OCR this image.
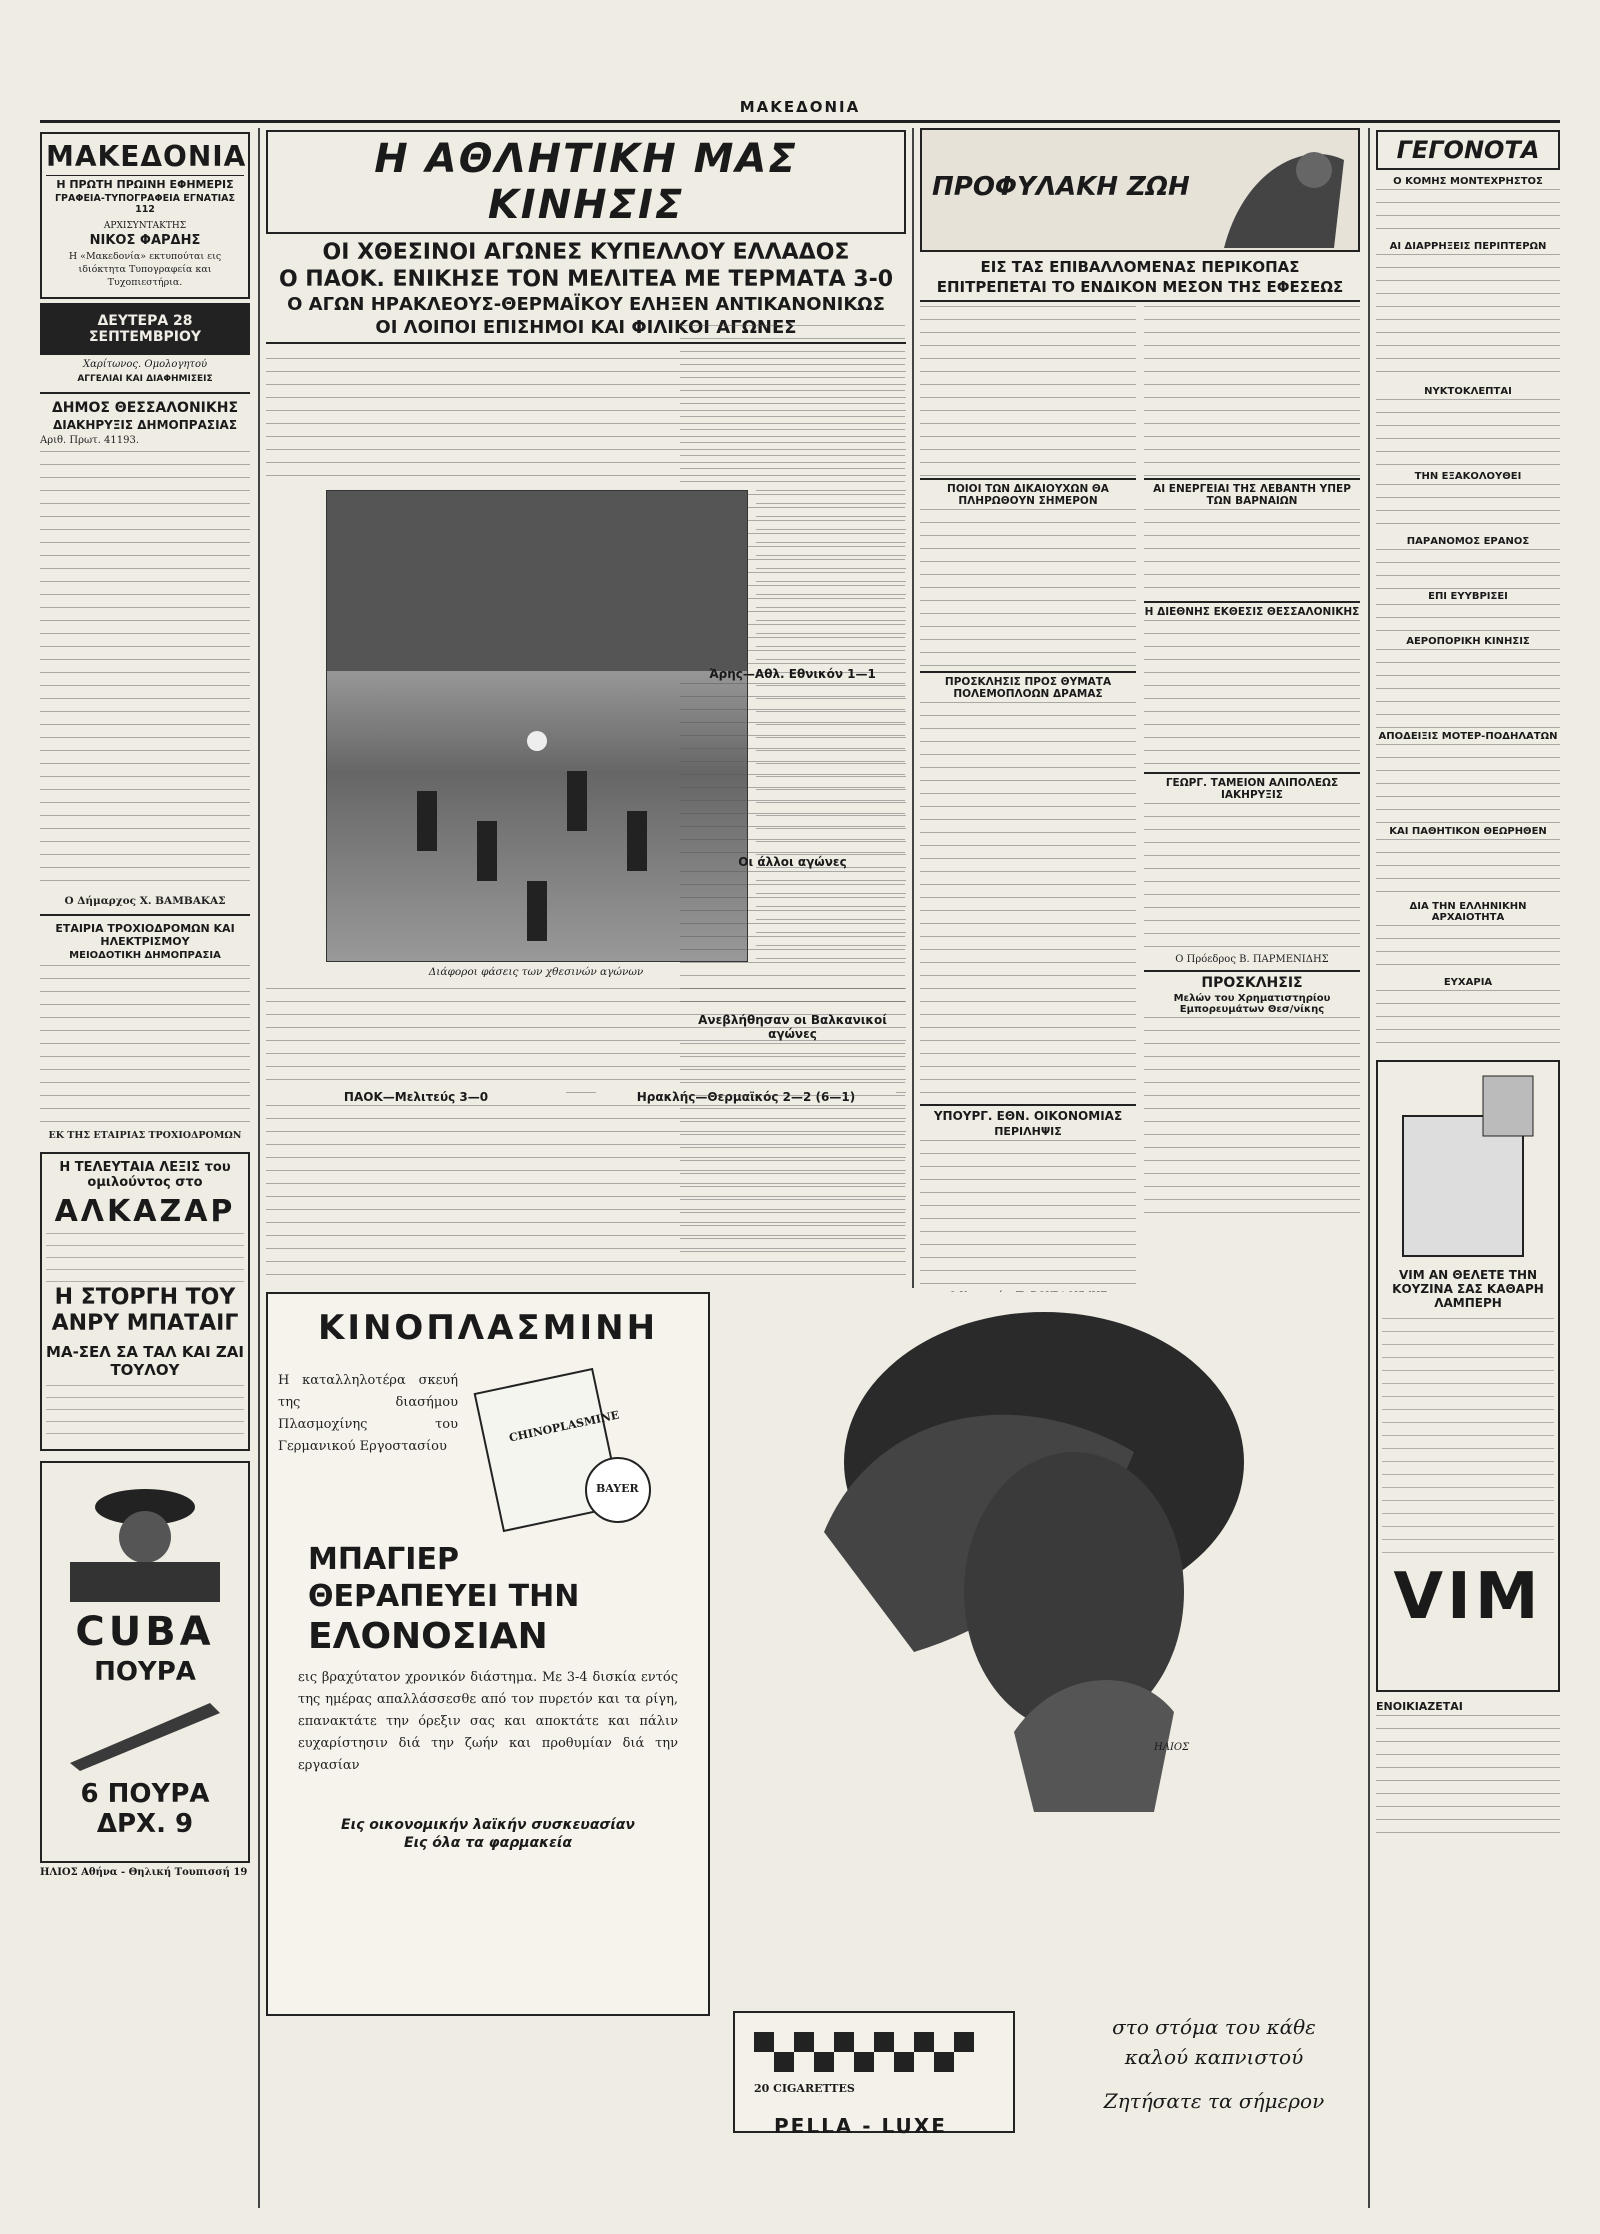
ΜΑΚΕΔΟΝΙΑ
ΜΑΚΕΔΟΝΙΑ
Η ΠΡΩΤΗ ΠΡΩΙΝΗ ΕΦΗΜΕΡΙΣ
ΓΡΑΦΕΙΑ-ΤΥΠΟΓΡΑΦΕΙΑ ΕΓΝΑΤΙΑΣ 112
ΑΡΧΙΣΥΝΤΑΚΤΗΣ
ΝΙΚΟΣ ΦΑΡΔΗΣ
Η «Μακεδονία» εκτυπούται εις ιδιόκτητα Τυπογραφεία και Τυχοπιεστήρια.
ΔΕΥΤΕΡΑ 28 ΣΕΠΤΕΜΒΡΙΟΥ
Χαρίτωνος. Ομολογητού
ΑΓΓΕΛΙΑΙ ΚΑΙ ΔΙΑΦΗΜΙΣΕΙΣ
ΔΗΜΟΣ ΘΕΣΣΑΛΟΝΙΚΗΣ
ΔΙΑΚΗΡΥΞΙΣ ΔΗΜΟΠΡΑΣΙΑΣ
Αριθ. Πρωτ. 41193.
Ο Δήμαρχος Χ. ΒΑΜΒΑΚΑΣ
ΕΤΑΙΡΙΑ ΤΡΟΧΙΟΔΡΟΜΩΝ ΚΑΙ ΗΛΕΚΤΡΙΣΜΟΥ
ΜΕΙΟΔΟΤΙΚΗ ΔΗΜΟΠΡΑΣΙΑ
ΕΚ ΤΗΣ ΕΤΑΙΡΙΑΣ ΤΡΟΧΙΟΔΡΟΜΩΝ
Η ΤΕΛΕΥΤΑΙΑ ΛΕΞΙΣ του ομιλούντος στο
ΑΛΚΑΖΑΡ
Η ΣΤΟΡΓΗ ΤΟΥ ΑΝΡΥ ΜΠΑΤΑΙΓ
ΜΑ-ΣΕΛ ΣΑ ΤΑΛ ΚΑΙ ΖΑΙ ΤΟΥΛΟΥ
CUBA
ΠΟΥΡΑ
6 ΠΟΥΡΑ ΔΡΧ. 9
ΗΛΙΟΣ Αθήνα - Θηλική Τουπισσή 19
Η ΑΘΛΗΤΙΚΗ ΜΑΣ ΚΙΝΗΣΙΣ
ΟΙ ΧΘΕΣΙΝΟΙ ΑΓΩΝΕΣ ΚΥΠΕΛΛΟΥ ΕΛΛΑΔΟΣ
Ο ΠΑΟΚ. ΕΝΙΚΗΣΕ ΤΟΝ ΜΕΛΙΤΕΑ ΜΕ ΤΕΡΜΑΤΑ 3-0
Ο ΑΓΩΝ ΗΡΑΚΛΕΟΥΣ-ΘΕΡΜΑΪΚΟΥ ΕΛΗΞΕΝ ΑΝΤΙΚΑΝΟΝΙΚΩΣ
ΟΙ ΛΟΙΠΟΙ ΕΠΙΣΗΜΟΙ ΚΑΙ ΦΙΛΙΚΟΙ ΑΓΩΝΕΣ
Διάφοροι φάσεις των χθεσινών αγώνων
ΠΑΟΚ—Μελιτεύς 3—0	Ηρακλής—Θερμαϊκός 2—2 (6—1)
Άρης—Αθλ. Εθνικόν 1—1
Οι άλλοι αγώνες
Ανεβλήθησαν οι Βαλκανικοί αγώνες
ΠΡΟΦΥΛΑΚΗ ΖΩΗ
ΕΙΣ ΤΑΣ ΕΠΙΒΑΛΛΟΜΕΝΑΣ ΠΕΡΙΚΟΠΑΣ
ΕΠΙΤΡΕΠΕΤΑΙ ΤΟ ΕΝΔΙΚΟΝ ΜΕΣΟΝ ΤΗΣ ΕΦΕΣΕΩΣ
ΠΟΙΟΙ ΤΩΝ ΔΙΚΑΙΟΥΧΩΝ ΘΑ ΠΛΗΡΩΘΟΥΝ ΣΗΜΕΡΟΝ
ΠΡΟΣΚΛΗΣΙΣ ΠΡΟΣ ΘΥΜΑΤΑ ΠΟΛΕΜΟΠΛΟΩΝ ΔΡΑΜΑΣ
ΥΠΟΥΡΓ. ΕΘΝ. ΟΙΚΟΝΟΜΙΑΣ
ΠΕΡΙΛΗΨΙΣ
ΑΙ ΕΝΕΡΓΕΙΑΙ ΤΗΣ ΛΕΒΑΝΤΗ ΥΠΕΡ ΤΩΝ ΒΑΡΝΑΙΩΝ
Η ΔΙΕΘΝΗΣ ΕΚΘΕΣΙΣ ΘΕΣΣΑΛΟΝΙΚΗΣ
ΓΕΩΡΓ. ΤΑΜΕΙΟΝ ΑΛΙΠΟΛΕΩΣ ΙΑΚΗΡΥΞΙΣ
Ο Πρόεδρος Β. ΠΑΡΜΕΝΙΔΗΣ
ΠΡΟΣΚΛΗΣΙΣ
Μελών του Χρηματιστηρίου Εμπορευμάτων Θεσ/νίκης
ΓΕΓΟΝΟΤΑ
Ο ΚΟΜΗΣ ΜΟΝΤΕΧΡΗΣΤΟΣ
ΑΙ ΔΙΑΡΡΗΞΕΙΣ ΠΕΡΙΠΤΕΡΩΝ
ΝΥΚΤΟΚΛΕΠΤΑΙ
ΤΗΝ ΕΞΑΚΟΛΟΥΘΕΙ
ΠΑΡΑΝΟΜΟΣ ΕΡΑΝΟΣ
ΕΠΙ ΕΥΥΒΡΙΣΕΙ
ΑΕΡΟΠΟΡΙΚΗ ΚΙΝΗΣΙΣ
ΑΠΟΔΕΙΞΙΣ ΜΟΤΕΡ-ΠΟΔΗΛΑΤΩΝ
ΚΑΙ ΠΑΘΗΤΙΚΟΝ ΘΕΩΡΗΘΕΝ
ΔΙΑ ΤΗΝ ΕΛΛΗΝΙΚΗΝ ΑΡΧΑΙΟΤΗΤΑ
ΕΥΧΑΡΙΑ
VIM ΑΝ ΘΕΛΕΤΕ ΤΗΝ ΚΟΥΖΙΝΑ ΣΑΣ ΚΑΘΑΡΗ ΛΑΜΠΕΡΗ
VIM
ΕΝΟΙΚΙΑΖΕΤΑΙ
ΚΙΝΟΠΛΑΣΜΙΝΗ
Η καταλληλοτέρα σκευή της διασήμου Πλασμοχίνης του Γερμανικού Εργοστασίου
CHINOPLASMINE
BAYER
ΜΠΑΓΙΕΡ
ΘΕΡΑΠΕΥΕΙ ΤΗΝ
ΕΛΟΝΟΣΙΑΝ
εις βραχύτατον χρονικόν διάστημα. Με 3-4 δισκία εντός της ημέρας απαλλάσσεσθε από τον πυρετόν και τα ρίγη, επανακτάτε την όρεξιν σας και αποκτάτε και πάλιν ευχαρίστησιν διά την ζωήν και προθυμίαν διά την εργασίαν
Εις οικονομικήν λαϊκήν συσκευασίαν
Εις όλα τα φαρμακεία
ΗΛΙΟΣ
20 CIGARETTES
PELLA - LUXE
στο στόμα του κάθε
καλού καπνιστού
Ζητήσατε τα σήμερον
